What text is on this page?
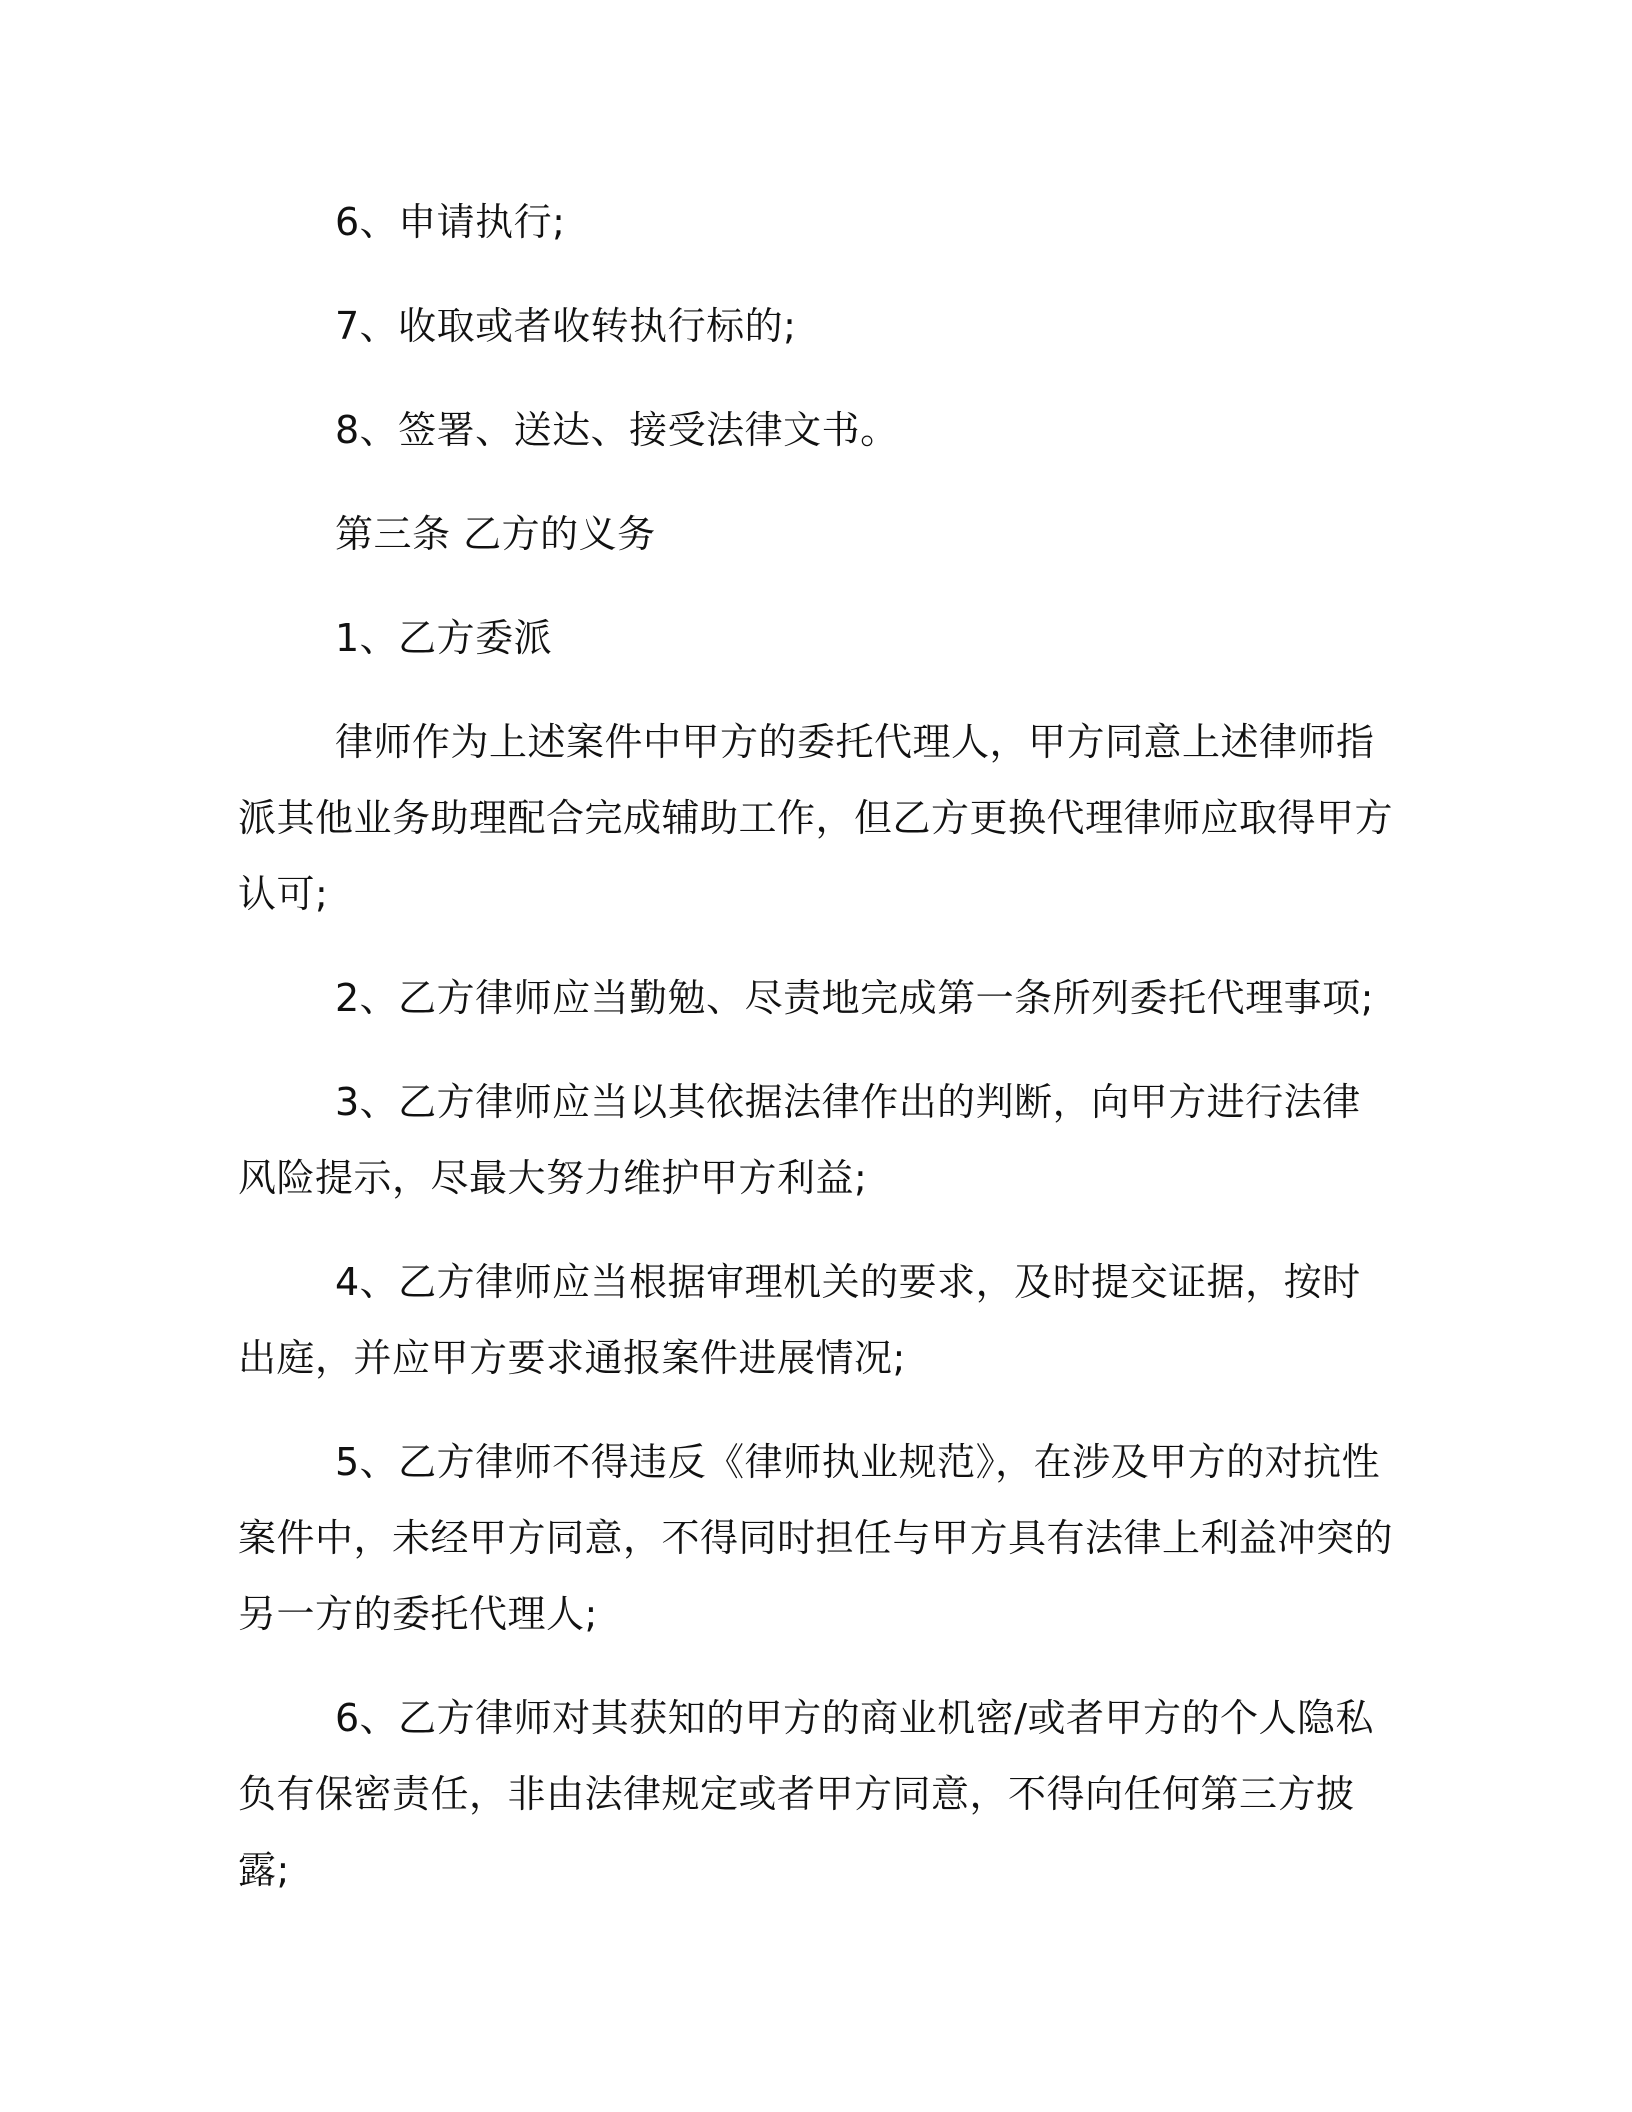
6、申请执行;

7、收取或者收转执行标的;

8、签署、送达、接受法律文书。

第三条 乙方的义务

1、乙方委派

律师作为上述案件中甲方的委托代理人，甲方同意上述律师指派其他业务助理配合完成辅助工作，但乙方更换代理律师应取得甲方认可;

2、乙方律师应当勤勉、尽责地完成第一条所列委托代理事项;

3、乙方律师应当以其依据法律作出的判断，向甲方进行法律风险提示，尽最大努力维护甲方利益;

4、乙方律师应当根据审理机关的要求，及时提交证据，按时出庭，并应甲方要求通报案件进展情况;

5、乙方律师不得违反《律师执业规范》，在涉及甲方的对抗性案件中，未经甲方同意，不得同时担任与甲方具有法律上利益冲突的另一方的委托代理人;

6、乙方律师对其获知的甲方的商业机密/或者甲方的个人隐私负有保密责任，非由法律规定或者甲方同意，不得向任何第三方披露;
